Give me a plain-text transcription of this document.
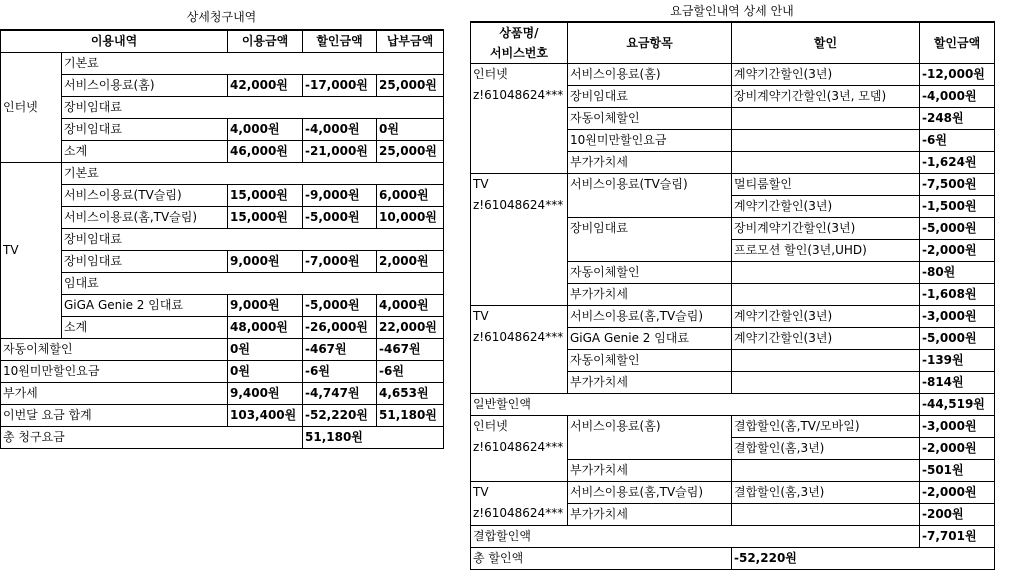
상세청구내역
이용내역		이용금액	할인금액	납부금액
인터넷	기본료			
	서비스이용료(홈)	42,000원	-17,000원	25,000원
	장비임대료			
	장비임대료	4,000원	-4,000원	0원
	소계	46,000원	-21,000원	25,000원
TV	기본료			
	서비스이용료(TV슬림)	15,000원	-9,000원	6,000원
	서비스이용료(홈,TV슬림)	15,000원	-5,000원	10,000원
	장비임대료			
	장비임대료	9,000원	-7,000원	2,000원
	임대료			
	GiGA Genie 2 임대료	9,000원	-5,000원	4,000원
	소계	48,000원	-26,000원	22,000원
자동이체할인		0원	-467원	-467원
10원미만할인요금		0원	-6원	-6원
부가세		9,400원	-4,747원	4,653원
이번달 요금 합계		103,400원	-52,220원	51,180원
총 청구요금			51,180원	
요금할인내역 상세 안내
상품명/
서비스번호	요금항목	할인	할인금액

인터넷
z!61048624***	서비스이용료(홈)	계약기간할인(3년)	-12,000원
	장비임대료	장비계약기간할인(3년, 모뎀)	-4,000원
	자동이체할인		-248원
	10원미만할인요금		-6원
	부가가치세		-1,624원

TV
z!61048624***	서비스이용료(TV슬림)	멀티룸할인	-7,500원
		계약기간할인(3년)	-1,500원
	장비임대료	장비계약기간할인(3년)	-5,000원
		프로모션 할인(3년,UHD)	-2,000원
	자동이체할인		-80원
	부가가치세		-1,608원

TV
z!61048624***	서비스이용료(홈,TV슬림)	계약기간할인(3년)	-3,000원
	GiGA Genie 2 임대료	계약기간할인(3년)	-5,000원
	자동이체할인		-139원
	부가가치세		-814원
일반할인액			-44,519원

인터넷
z!61048624***	서비스이용료(홈)	결합할인(홈,TV/모바일)	-3,000원
		결합할인(홈,3년)	-2,000원
	부가가치세		-501원

TV
z!61048624***	서비스이용료(홈,TV슬림)	결합할인(홈,3년)	-2,000원
	부가가치세		-200원
결합할인액			-7,701원
총 할인액		-52,220원	
